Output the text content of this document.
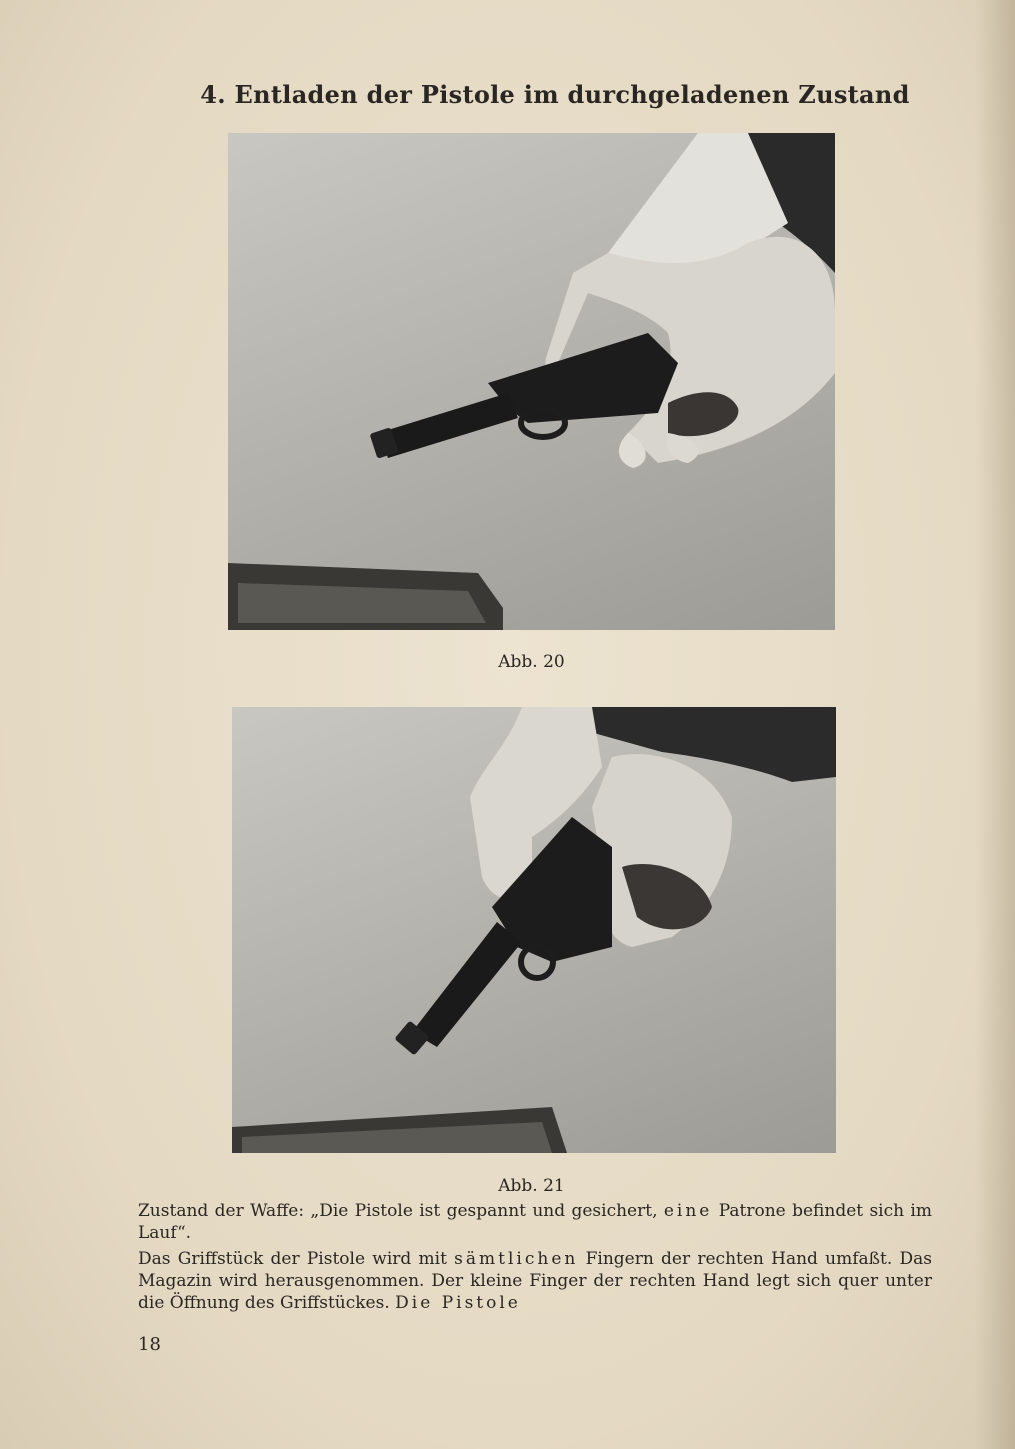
4. Entladen der Pistole im durchgeladenen Zustand
Abb. 20
Abb. 21

Zustand der Waffe: „Die Pistole ist gespannt und gesichert, eine Patrone befindet sich im Lauf“.

Das Griffstück der Pistole wird mit sämtlichen Fingern der rechten Hand umfaßt. Das Magazin wird herausgenommen. Der kleine Finger der rechten Hand legt sich quer unter die Öffnung des Griffstückes. Die Pistole

18
